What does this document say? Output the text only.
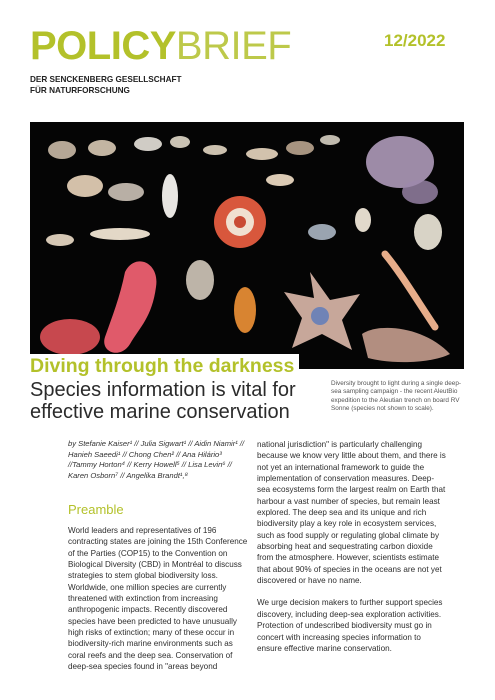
POLICYBRIEF	12/2022
DER SENCKENBERG GESELLSCHAFT
FÜR NATURFORSCHUNG
Diving through the darkness
Species information is vital for effective marine conservation
Diversity brought to light during a single deep-sea sampling campaign - the recent AleutBio expedition to the Aleutian trench on board RV Sonne (species not shown to scale).
by Stefanie Kaiser¹ // Julia Sigwart¹ // Aidin Niamir¹ // Hanieh Saeedi¹ // Chong Chen² // Ana Hilário³ //Tammy Horton⁴ // Kerry Howell⁵ // Lisa Levin⁶ // Karen Osborn⁷ // Angelika Brandt¹,⁸
Preamble

World leaders and representatives of 196 contracting states are joining the 15th Conference of the Parties (COP15) to the Convention on Biological Diversity (CBD) in Montréal to discuss strategies to stem global biodiversity loss. Worldwide, one million species are currently threatened with extinction from increasing anthropogenic impacts. Recently discovered species have been predicted to have unusually high risks of extinction; many of these occur in biodiversity-rich marine environments such as coral reefs and the deep sea. Conservation of deep-sea species found in "areas beyond

national jurisdiction" is particularly challenging because we know very little about them, and there is not yet an international framework to guide the implementation of conservation measures. Deep-sea ecosystems form the largest realm on Earth that harbour a vast number of species, but remain least explored. The deep sea and its unique and rich biodiversity play a key role in ecosystem services, such as food supply or regulating global climate by absorbing heat and sequestrating carbon dioxide from the atmosphere. However, scientists estimate that about 90% of species in the oceans are not yet discovered or have no name.

We urge decision makers to further support species discovery, including deep-sea exploration activities. Protection of undescribed biodiversity must go in concert with increasing species information to ensure effective marine conservation.
